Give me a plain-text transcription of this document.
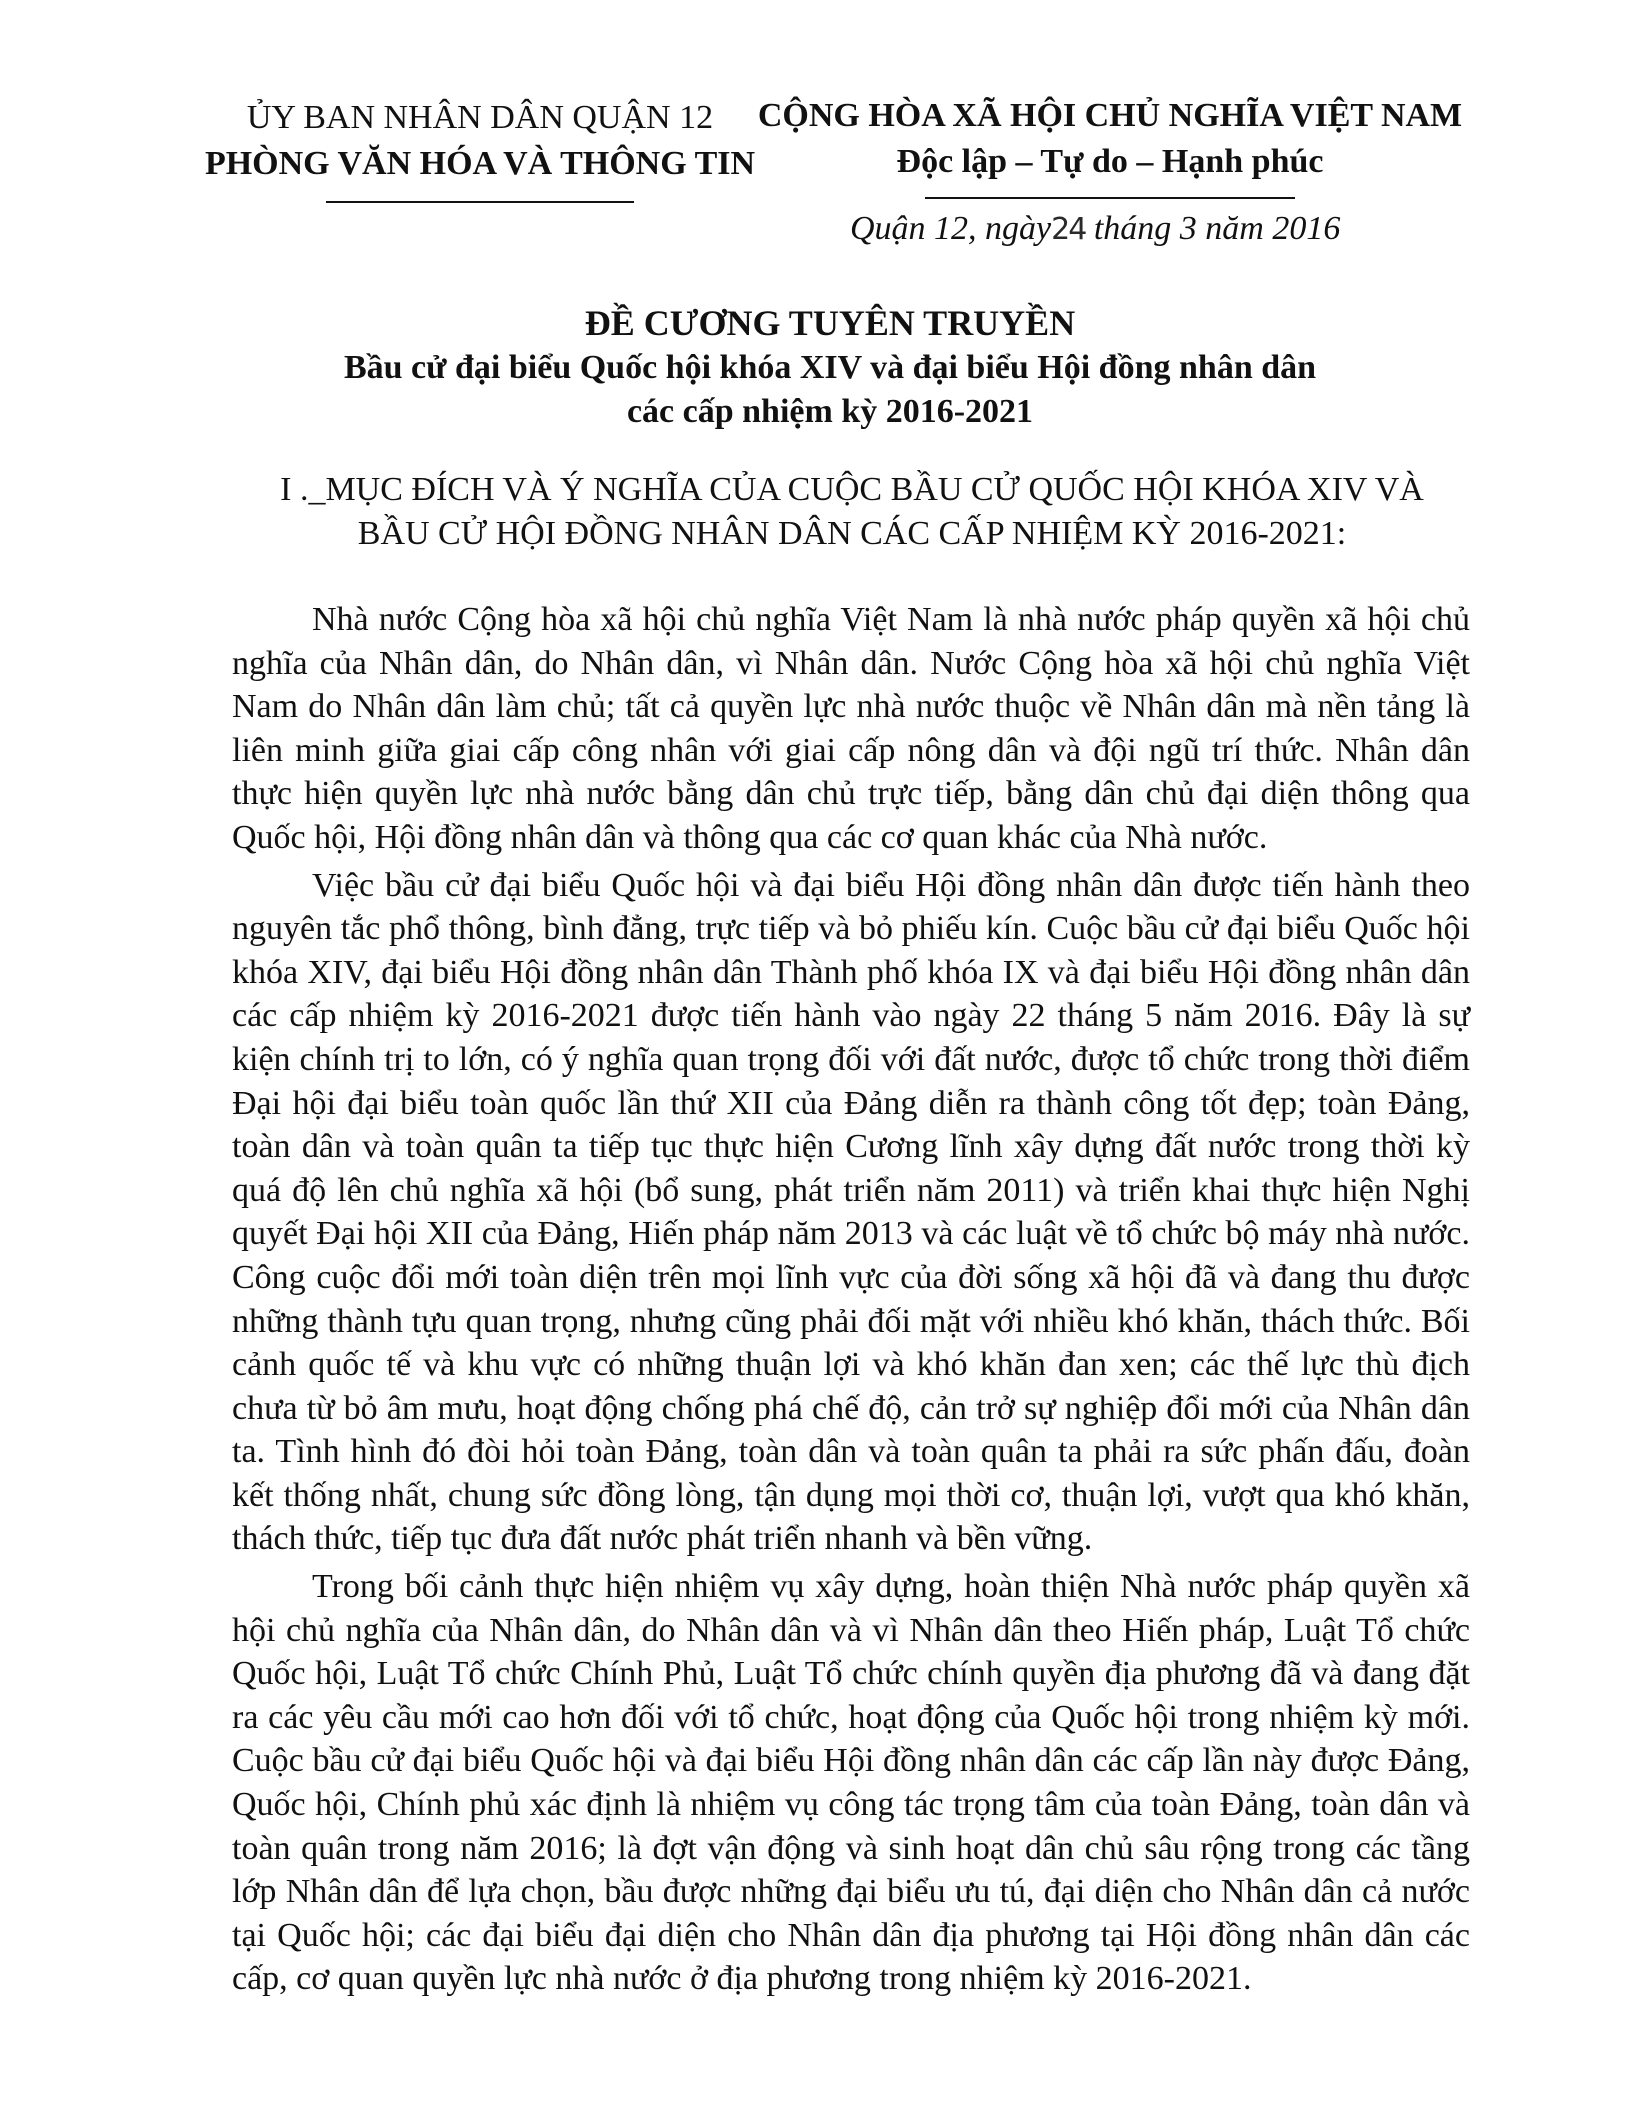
ỦY BAN NHÂN DÂN QUẬN 12
PHÒNG VĂN HÓA VÀ THÔNG TIN
CỘNG HÒA XÃ HỘI CHỦ NGHĨA VIỆT NAM
Độc lập – Tự do – Hạnh phúc
Quận 12, ngày24 tháng 3 năm 2016
ĐỀ CƯƠNG TUYÊN TRUYỀN
Bầu cử đại biểu Quốc hội khóa XIV và đại biểu Hội đồng nhân dân
các cấp nhiệm kỳ 2016-2021
I ._MỤC ĐÍCH VÀ Ý NGHĨA CỦA CUỘC BẦU CỬ QUỐC HỘI KHÓA XIV VÀ
BẦU CỬ HỘI ĐỒNG NHÂN DÂN CÁC CẤP NHIỆM KỲ 2016-2021:

Nhà nước Cộng hòa xã hội chủ nghĩa Việt Nam là nhà nước pháp quyền xã hội chủ nghĩa của Nhân dân, do Nhân dân, vì Nhân dân. Nước Cộng hòa xã hội chủ nghĩa Việt Nam do Nhân dân làm chủ; tất cả quyền lực nhà nước thuộc về Nhân dân mà nền tảng là liên minh giữa giai cấp công nhân với giai cấp nông dân và đội ngũ trí thức. Nhân dân thực hiện quyền lực nhà nước bằng dân chủ trực tiếp, bằng dân chủ đại diện thông qua Quốc hội, Hội đồng nhân dân và thông qua các cơ quan khác của Nhà nước.

Việc bầu cử đại biểu Quốc hội và đại biểu Hội đồng nhân dân được tiến hành theo nguyên tắc phổ thông, bình đẳng, trực tiếp và bỏ phiếu kín. Cuộc bầu cử đại biểu Quốc hội khóa XIV, đại biểu Hội đồng nhân dân Thành phố khóa IX và đại biểu Hội đồng nhân dân các cấp nhiệm kỳ 2016-2021 được tiến hành vào ngày 22 tháng 5 năm 2016. Đây là sự kiện chính trị to lớn, có ý nghĩa quan trọng đối với đất nước, được tổ chức trong thời điểm Đại hội đại biểu toàn quốc lần thứ XII của Đảng diễn ra thành công tốt đẹp; toàn Đảng, toàn dân và toàn quân ta tiếp tục thực hiện Cương lĩnh xây dựng đất nước trong thời kỳ quá độ lên chủ nghĩa xã hội (bổ sung, phát triển năm 2011) và triển khai thực hiện Nghị quyết Đại hội XII của Đảng, Hiến pháp năm 2013 và các luật về tổ chức bộ máy nhà nước. Công cuộc đổi mới toàn diện trên mọi lĩnh vực của đời sống xã hội đã và đang thu được những thành tựu quan trọng, nhưng cũng phải đối mặt với nhiều khó khăn, thách thức. Bối cảnh quốc tế và khu vực có những thuận lợi và khó khăn đan xen; các thế lực thù địch chưa từ bỏ âm mưu, hoạt động chống phá chế độ, cản trở sự nghiệp đổi mới của Nhân dân ta. Tình hình đó đòi hỏi toàn Đảng, toàn dân và toàn quân ta phải ra sức phấn đấu, đoàn kết thống nhất, chung sức đồng lòng, tận dụng mọi thời cơ, thuận lợi, vượt qua khó khăn, thách thức, tiếp tục đưa đất nước phát triển nhanh và bền vững.

Trong bối cảnh thực hiện nhiệm vụ xây dựng, hoàn thiện Nhà nước pháp quyền xã hội chủ nghĩa của Nhân dân, do Nhân dân và vì Nhân dân theo Hiến pháp, Luật Tổ chức Quốc hội, Luật Tổ chức Chính Phủ, Luật Tổ chức chính quyền địa phương đã và đang đặt ra các yêu cầu mới cao hơn đối với tổ chức, hoạt động của Quốc hội trong nhiệm kỳ mới. Cuộc bầu cử đại biểu Quốc hội và đại biểu Hội đồng nhân dân các cấp lần này được Đảng, Quốc hội, Chính phủ xác định là nhiệm vụ công tác trọng tâm của toàn Đảng, toàn dân và toàn quân trong năm 2016; là đợt vận động và sinh hoạt dân chủ sâu rộng trong các tầng lớp Nhân dân để lựa chọn, bầu được những đại biểu ưu tú, đại diện cho Nhân dân cả nước tại Quốc hội; các đại biểu đại diện cho Nhân dân địa phương tại Hội đồng nhân dân các cấp, cơ quan quyền lực nhà nước ở địa phương trong nhiệm kỳ 2016-2021.
